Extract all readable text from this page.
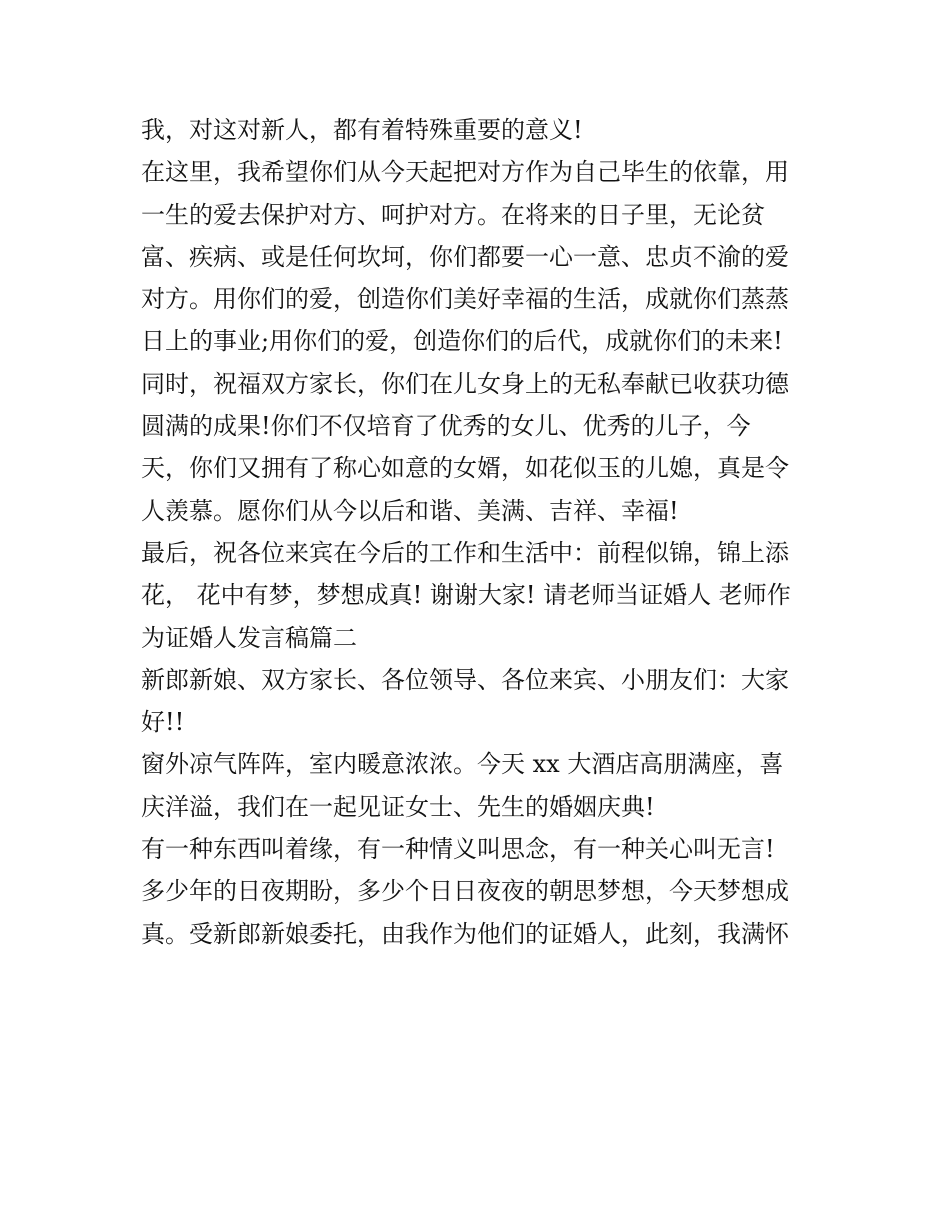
我，对这对新人，都有着特殊重要的意义!
在这里，我希望你们从今天起把对方作为自己毕生的依靠，用
一生的爱去保护对方、呵护对方。在将来的日子里，无论贫
富、疾病、或是任何坎坷，你们都要一心一意、忠贞不渝的爱
对方。用你们的爱，创造你们美好幸福的生活，成就你们蒸蒸
日上的事业;用你们的爱，创造你们的后代，成就你们的未来!
同时，祝福双方家长，你们在儿女身上的无私奉献已收获功德
圆满的成果!你们不仅培育了优秀的女儿、优秀的儿子，今
天，你们又拥有了称心如意的女婿，如花似玉的儿媳，真是令
人羡慕。愿你们从今以后和谐、美满、吉祥、幸福!
最后，祝各位来宾在今后的工作和生活中：前程似锦，锦上添
花， 花中有梦，梦想成真! 谢谢大家! 请老师当证婚人 老师作
为证婚人发言稿篇二
新郎新娘、双方家长、各位领导、各位来宾、小朋友们：大家
好!!
窗外凉气阵阵，室内暖意浓浓。今天 xx 大酒店高朋满座，喜
庆洋溢，我们在一起见证女士、先生的婚姻庆典!
有一种东西叫着缘，有一种情义叫思念，有一种关心叫无言!
多少年的日夜期盼，多少个日日夜夜的朝思梦想，今天梦想成
真。受新郎新娘委托，由我作为他们的证婚人，此刻，我满怀
